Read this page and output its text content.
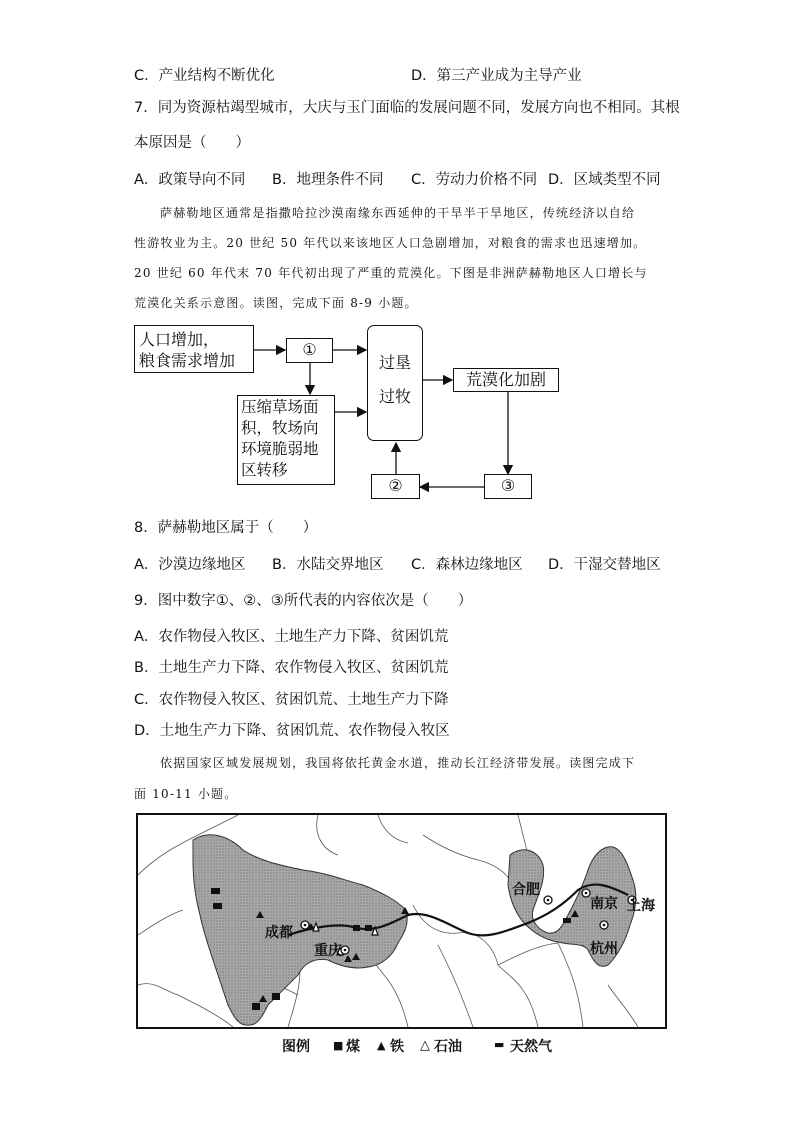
C．产业结构不断优化	D．第三产业成为主导产业
7．同为资源枯竭型城市，大庆与玉门面临的发展问题不同，发展方向也不相同。其根
本原因是（　　）
A．政策导向不同 B．地理条件不同 C．劳动力价格不同 D．区域类型不同
萨赫勒地区通常是指撒哈拉沙漠南缘东西延伸的干旱半干旱地区，传统经济以自给
性游牧业为主。20 世纪 50 年代以来该地区人口急剧增加，对粮食的需求也迅速增加。
20 世纪 60 年代末 70 年代初出现了严重的荒漠化。下图是非洲萨赫勒地区人口增长与
荒漠化关系示意图。读图，完成下面 8-9 小题。
人口增加，
粮食需求增加
①
过垦
过牧
荒漠化加剧
压缩草场面
积，牧场向
环境脆弱地
区转移
②	③
8．萨赫勒地区属于（　　）
A．沙漠边缘地区 B．水陆交界地区 C．森林边缘地区 D．干湿交替地区
9．图中数字①、②、③所代表的内容依次是（　　）
A．农作物侵入牧区、土地生产力下降、贫困饥荒
B．土地生产力下降、农作物侵入牧区、贫困饥荒
C．农作物侵入牧区、贫困饥荒、土地生产力下降
D．土地生产力下降、贫困饥荒、农作物侵入牧区
依据国家区域发展规划，我国将依托黄金水道，推动长江经济带发展。读图完成下
面 10-11 小题。
成都
重庆
合肥
南京 上海
杭州
图例 ■ 煤 ▲ 铁 △ 石油	▬ 天然气
